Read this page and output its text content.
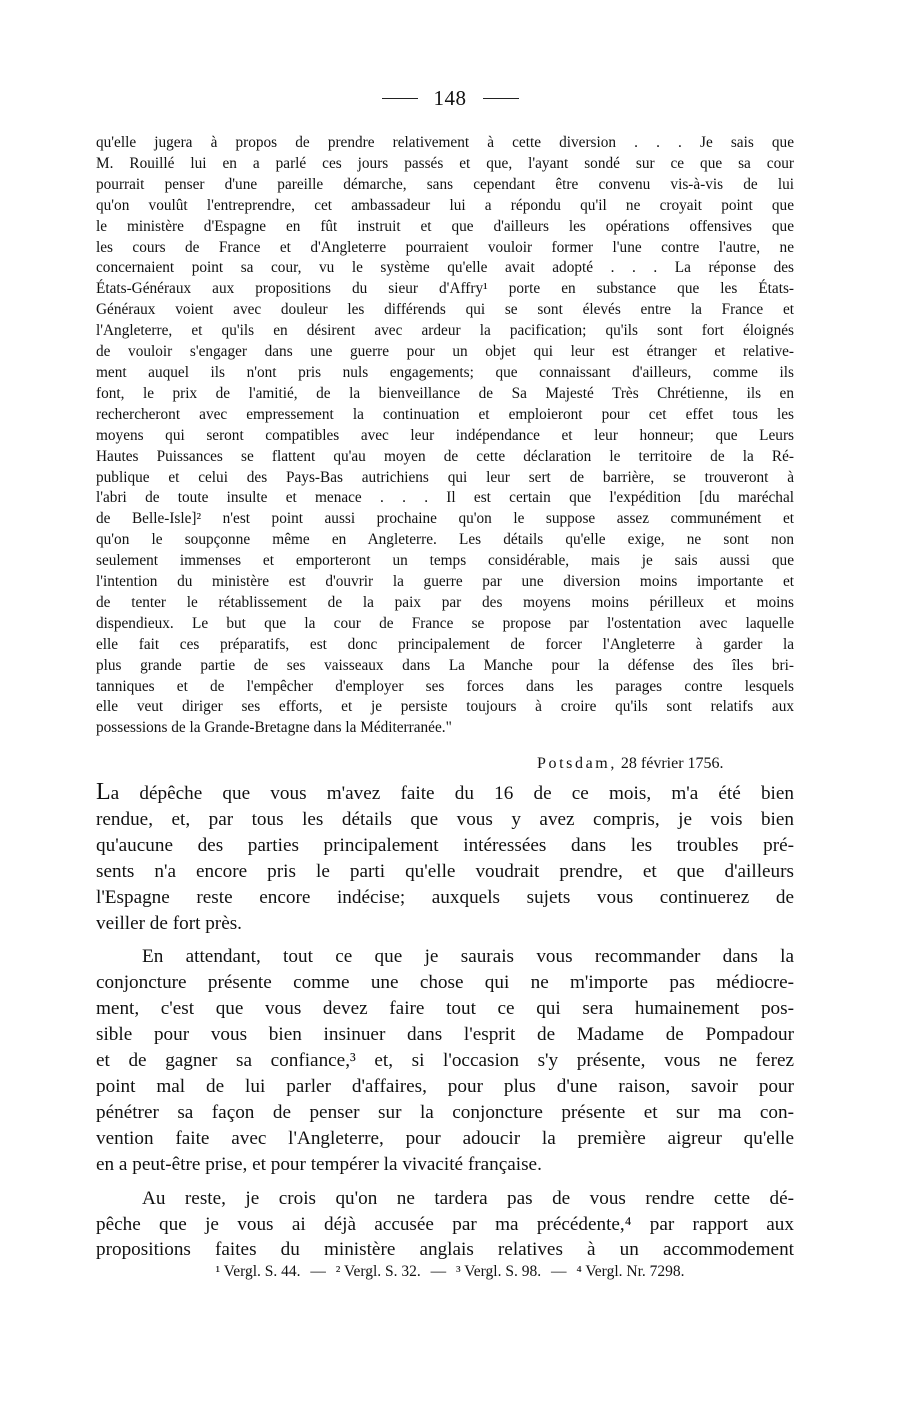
148
qu'elle jugera à propos de prendre relativement à cette diversion . . . Je sais que
M. Rouillé lui en a parlé ces jours passés et que, l'ayant sondé sur ce que sa cour
pourrait penser d'une pareille démarche, sans cependant être convenu vis-à-vis de lui
qu'on voulût l'entreprendre, cet ambassadeur lui a répondu qu'il ne croyait point que
le ministère d'Espagne en fût instruit et que d'ailleurs les opérations offensives que
les cours de France et d'Angleterre pourraient vouloir former l'une contre l'autre, ne
concernaient point sa cour, vu le système qu'elle avait adopté . . . La réponse des
États-Généraux aux propositions du sieur d'Affry¹ porte en substance que les États-
Généraux voient avec douleur les différends qui se sont élevés entre la France et
l'Angleterre, et qu'ils en désirent avec ardeur la pacification; qu'ils sont fort éloignés
de vouloir s'engager dans une guerre pour un objet qui leur est étranger et relative-
ment auquel ils n'ont pris nuls engagements; que connaissant d'ailleurs, comme ils
font, le prix de l'amitié, de la bienveillance de Sa Majesté Très Chrétienne, ils en
rechercheront avec empressement la continuation et emploieront pour cet effet tous les
moyens qui seront compatibles avec leur indépendance et leur honneur; que Leurs
Hautes Puissances se flattent qu'au moyen de cette déclaration le territoire de la Ré-
publique et celui des Pays-Bas autrichiens qui leur sert de barrière, se trouveront à
l'abri de toute insulte et menace . . . Il est certain que l'expédition [du maréchal
de Belle-Isle]² n'est point aussi prochaine qu'on le suppose assez communément et
qu'on le soupçonne même en Angleterre. Les détails qu'elle exige, ne sont non
seulement immenses et emporteront un temps considérable, mais je sais aussi que
l'intention du ministère est d'ouvrir la guerre par une diversion moins importante et
de tenter le rétablissement de la paix par des moyens moins périlleux et moins
dispendieux. Le but que la cour de France se propose par l'ostentation avec laquelle
elle fait ces préparatifs, est donc principalement de forcer l'Angleterre à garder la
plus grande partie de ses vaisseaux dans La Manche pour la défense des îles bri-
tanniques et de l'empêcher d'employer ses forces dans les parages contre lesquels
elle veut diriger ses efforts, et je persiste toujours à croire qu'ils sont relatifs aux
possessions de la Grande-Bretagne dans la Méditerranée."
Potsdam, 28 février 1756.
La dépêche que vous m'avez faite du 16 de ce mois, m'a été bien
rendue, et, par tous les détails que vous y avez compris, je vois bien
qu'aucune des parties principalement intéressées dans les troubles pré-
sents n'a encore pris le parti qu'elle voudrait prendre, et que d'ailleurs
l'Espagne reste encore indécise; auxquels sujets vous continuerez de
veiller de fort près.
En attendant, tout ce que je saurais vous recommander dans la
conjoncture présente comme une chose qui ne m'importe pas médiocre-
ment, c'est que vous devez faire tout ce qui sera humainement pos-
sible pour vous bien insinuer dans l'esprit de Madame de Pompadour
et de gagner sa confiance,³ et, si l'occasion s'y présente, vous ne ferez
point mal de lui parler d'affaires, pour plus d'une raison, savoir pour
pénétrer sa façon de penser sur la conjoncture présente et sur ma con-
vention faite avec l'Angleterre, pour adoucir la première aigreur qu'elle
en a peut-être prise, et pour tempérer la vivacité française.
Au reste, je crois qu'on ne tardera pas de vous rendre cette dé-
pêche que je vous ai déjà accusée par ma précédente,⁴ par rapport aux
propositions faites du ministère anglais relatives à un accommodement
¹ Vergl. S. 44. — ² Vergl. S. 32. — ³ Vergl. S. 98. — ⁴ Vergl. Nr. 7298.
